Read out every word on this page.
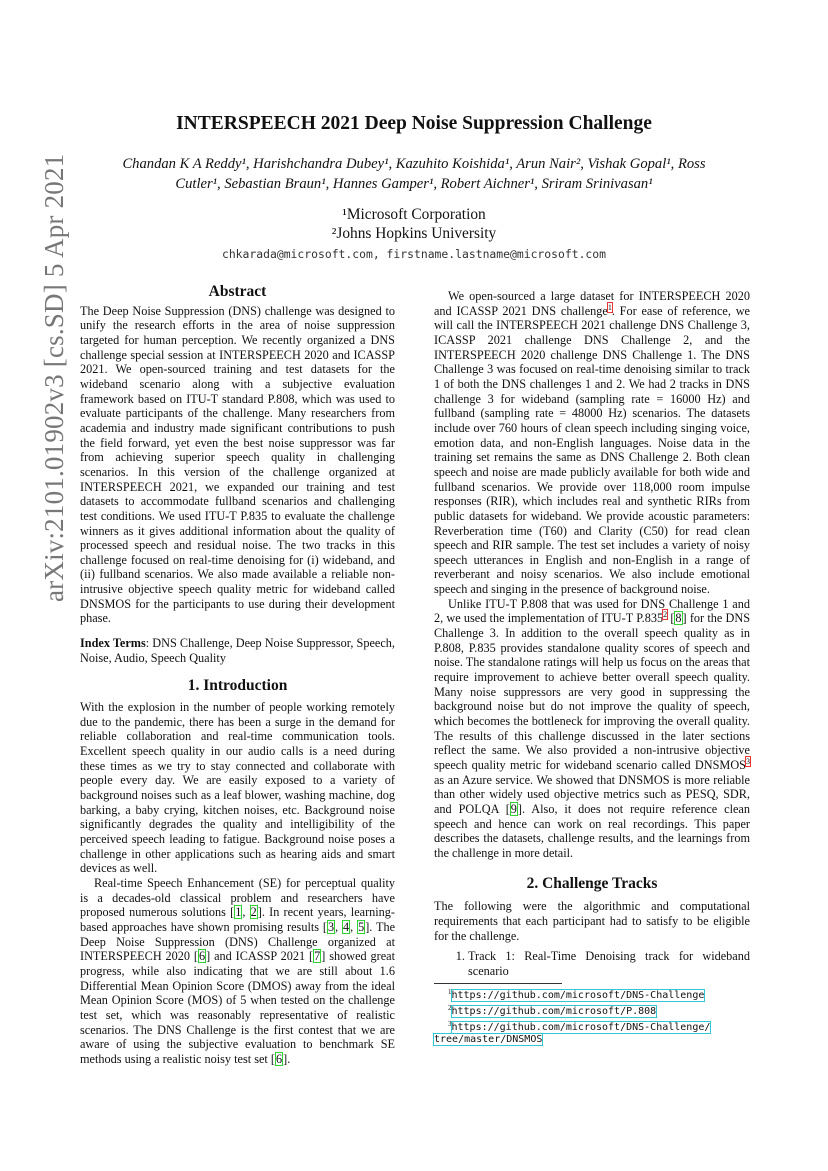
arXiv:2101.01902v3 [cs.SD] 5 Apr 2021
INTERSPEECH 2021 Deep Noise Suppression Challenge
Chandan K A Reddy¹, Harishchandra Dubey¹, Kazuhito Koishida¹, Arun Nair², Vishak Gopal¹, Ross
Cutler¹, Sebastian Braun¹, Hannes Gamper¹, Robert Aichner¹, Sriram Srinivasan¹
¹Microsoft Corporation
²Johns Hopkins University
chkarada@microsoft.com, firstname.lastname@microsoft.com
Abstract

The Deep Noise Suppression (DNS) challenge was designed to unify the research efforts in the area of noise suppression targeted for human perception. We recently organized a DNS challenge special session at INTERSPEECH 2020 and ICASSP 2021. We open-sourced training and test datasets for the wideband scenario along with a subjective evaluation framework based on ITU-T standard P.808, which was used to evaluate participants of the challenge. Many researchers from academia and industry made significant contributions to push the field forward, yet even the best noise suppressor was far from achieving superior speech quality in challenging scenarios. In this version of the challenge organized at INTERSPEECH 2021, we expanded our training and test datasets to accommodate fullband scenarios and challenging test conditions. We used ITU-T P.835 to evaluate the challenge winners as it gives additional information about the quality of processed speech and residual noise. The two tracks in this challenge focused on real-time denoising for (i) wideband, and (ii) fullband scenarios. We also made available a reliable non-intrusive objective speech quality metric for wideband called DNSMOS for the participants to use during their development phase.

Index Terms: DNS Challenge, Deep Noise Suppressor, Speech, Noise, Audio, Speech Quality

1. Introduction

With the explosion in the number of people working remotely due to the pandemic, there has been a surge in the demand for reliable collaboration and real-time communication tools. Excellent speech quality in our audio calls is a need during these times as we try to stay connected and collaborate with people every day. We are easily exposed to a variety of background noises such as a leaf blower, washing machine, dog barking, a baby crying, kitchen noises, etc. Background noise significantly degrades the quality and intelligibility of the perceived speech leading to fatigue. Background noise poses a challenge in other applications such as hearing aids and smart devices as well.

Real-time Speech Enhancement (SE) for perceptual quality is a decades-old classical problem and researchers have proposed numerous solutions [1, 2]. In recent years, learning-based approaches have shown promising results [3, 4, 5]. The Deep Noise Suppression (DNS) Challenge organized at INTERSPEECH 2020 [6] and ICASSP 2021 [7] showed great progress, while also indicating that we are still about 1.6 Differential Mean Opinion Score (DMOS) away from the ideal Mean Opinion Score (MOS) of 5 when tested on the challenge test set, which was reasonably representative of realistic scenarios. The DNS Challenge is the first contest that we are aware of using the subjective evaluation to benchmark SE methods using a realistic noisy test set [6].

We open-sourced a large dataset for INTERSPEECH 2020 and ICASSP 2021 DNS challenge$^1$. For ease of reference, we will call the INTERSPEECH 2021 challenge DNS Challenge 3, ICASSP 2021 challenge DNS Challenge 2, and the INTERSPEECH 2020 challenge DNS Challenge 1. The DNS Challenge 3 was focused on real-time denoising similar to track 1 of both the DNS challenges 1 and 2. We had 2 tracks in DNS challenge 3 for wideband (sampling rate = 16000 Hz) and fullband (sampling rate = 48000 Hz) scenarios. The datasets include over 760 hours of clean speech including singing voice, emotion data, and non-English languages. Noise data in the training set remains the same as DNS Challenge 2. Both clean speech and noise are made publicly available for both wide and fullband scenarios. We provide over 118,000 room impulse responses (RIR), which includes real and synthetic RIRs from public datasets for wideband. We provide acoustic parameters: Reverberation time (T60) and Clarity (C50) for read clean speech and RIR sample. The test set includes a variety of noisy speech utterances in English and non-English in a range of reverberant and noisy scenarios. We also include emotional speech and singing in the presence of background noise.

Unlike ITU-T P.808 that was used for DNS Challenge 1 and 2, we used the implementation of ITU-T P.835$^2$ [8] for the DNS Challenge 3. In addition to the overall speech quality as in P.808, P.835 provides standalone quality scores of speech and noise. The standalone ratings will help us focus on the areas that require improvement to achieve better overall speech quality. Many noise suppressors are very good in suppressing the background noise but do not improve the quality of speech, which becomes the bottleneck for improving the overall quality. The results of this challenge discussed in the later sections reflect the same. We also provided a non-intrusive objective speech quality metric for wideband scenario called DNSMOS$^3$ as an Azure service. We showed that DNSMOS is more reliable than other widely used objective metrics such as PESQ, SDR, and POLQA [9]. Also, it does not require reference clean speech and hence can work on real recordings. This paper describes the datasets, challenge results, and the learnings from the challenge in more detail.

2. Challenge Tracks

The following were the algorithmic and computational requirements that each participant had to satisfy to be eligible for the challenge.

1. Track 1: Real-Time Denoising track for wideband scenario
$^1$https://github.com/microsoft/DNS-Challenge
$^2$https://github.com/microsoft/P.808
$^3$https://github.com/microsoft/DNS-Challenge/
tree/master/DNSMOS
